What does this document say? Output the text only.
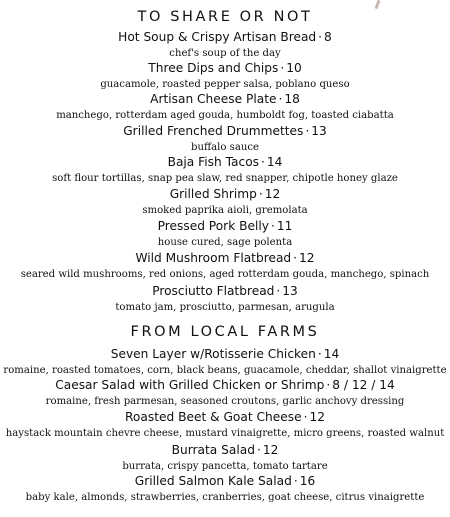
TO SHARE OR NOT
Hot Soup & Crispy Artisan Bread · 8
chef's soup of the day
Three Dips and Chips · 10
guacamole, roasted pepper salsa, poblano queso
Artisan Cheese Plate · 18
manchego, rotterdam aged gouda, humboldt fog, toasted ciabatta
Grilled Frenched Drummettes · 13
buffalo sauce
Baja Fish Tacos · 14
soft flour tortillas, snap pea slaw, red snapper, chipotle honey glaze
Grilled Shrimp · 12
smoked paprika aioli, gremolata
Pressed Pork Belly · 11
house cured, sage polenta
Wild Mushroom Flatbread · 12
seared wild mushrooms, red onions, aged rotterdam gouda, manchego, spinach
Prosciutto Flatbread · 13
tomato jam, prosciutto, parmesan, arugula
FROM LOCAL FARMS
Seven Layer w/Rotisserie Chicken · 14
romaine, roasted tomatoes, corn, black beans, guacamole, cheddar, shallot vinaigrette
Caesar Salad with Grilled Chicken or Shrimp · 8 / 12 / 14
romaine, fresh parmesan, seasoned croutons, garlic anchovy dressing
Roasted Beet & Goat Cheese · 12
haystack mountain chevre cheese, mustard vinaigrette, micro greens, roasted walnut
Burrata Salad · 12
burrata, crispy pancetta, tomato tartare
Grilled Salmon Kale Salad · 16
baby kale, almonds, strawberries, cranberries, goat cheese, citrus vinaigrette
